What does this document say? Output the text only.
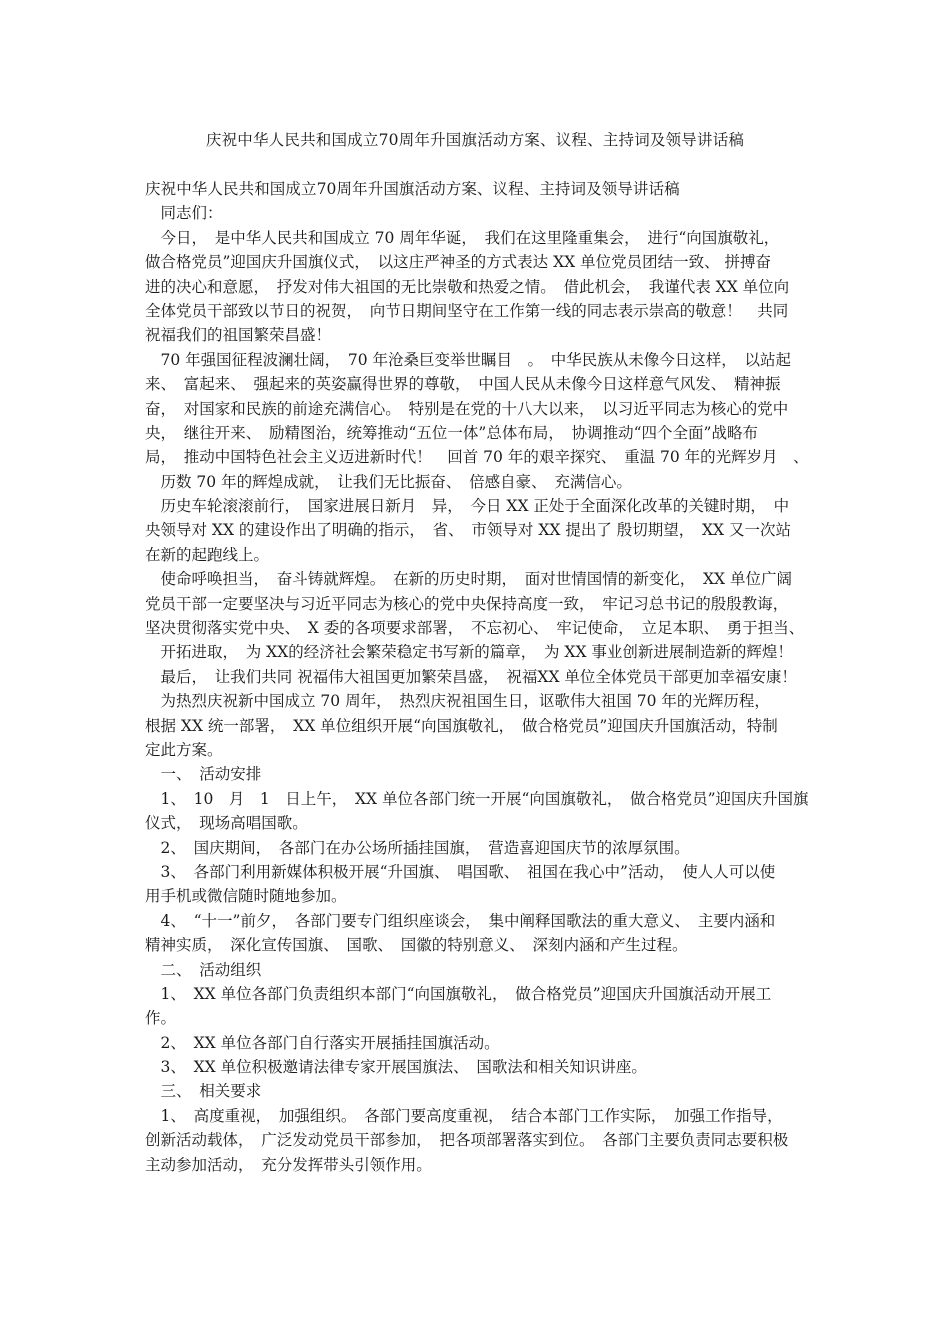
庆祝中华人民共和国成立70周年升国旗活动方案、议程、主持词及领导讲话稿
庆祝中华人民共和国成立70周年升国旗活动方案、议程、主持词及领导讲话稿
　同志们：
　今日，　是中华人民共和国成立 70 周年华诞，　我们在这里隆重集会，　进行“向国旗敬礼，
做合格党员”迎国庆升国旗仪式，　以这庄严神圣的方式表达 XX 单位党员团结一致、 拼搏奋
进的决心和意愿，　抒发对伟大祖国的无比崇敬和热爱之情。　借此机会，　我谨代表 XX 单位向
全体党员干部致以节日的祝贺，　向节日期间坚守在工作第一线的同志表示崇高的敬意！　共同
祝福我们的祖国繁荣昌盛！
　70 年强国征程波澜壮阔，　70 年沧桑巨变举世瞩目　。　中华民族从未像今日这样，　以站起
来、　富起来、　强起来的英姿赢得世界的尊敬，　中国人民从未像今日这样意气风发、　精神振
奋，　对国家和民族的前途充满信心。　特别是在党的十八大以来，　以习近平同志为核心的党中
央，　继往开来、　励精图治，统筹推动“五位一体”总体布局，　协调推动“四个全面”战略布
局，　推动中国特色社会主义迈进新时代！　回首 70 年的艰辛探究、　重温 70 年的光辉岁月　、
　历数 70 年的辉煌成就，　让我们无比振奋、　倍感自豪、　充满信心。
　历史车轮滚滚前行，　国家进展日新月　异，　今日 XX 正处于全面深化改革的关键时期，　中
央领导对 XX 的建设作出了明确的指示，　省、　市领导对 XX 提出了 殷切期望，　XX 又一次站
在新的起跑线上。
　使命呼唤担当，　奋斗铸就辉煌。　在新的历史时期，　面对世情国情的新变化，　XX 单位广阔
党员干部一定要坚决与习近平同志为核心的党中央保持高度一致，　牢记习总书记的殷殷教诲，
坚决贯彻落实党中央、　X 委的各项要求部署，　不忘初心、　牢记使命，　立足本职、　勇于担当、
　开拓进取，　为 XX的经济社会繁荣稳定书写新的篇章，　为 XX 事业创新进展制造新的辉煌！
　最后，　让我们共同 祝福伟大祖国更加繁荣昌盛，　祝福XX 单位全体党员干部更加幸福安康！
　为热烈庆祝新中国成立 70 周年，　热烈庆祝祖国生日，讴歌伟大祖国 70 年的光辉历程，
根据 XX 统一部署，　XX 单位组织开展“向国旗敬礼，　做合格党员”迎国庆升国旗活动，特制
定此方案。
　一、　活动安排
　1、　10　月　1　日上午，　XX 单位各部门统一开展“向国旗敬礼，　做合格党员”迎国庆升国旗
仪式，　现场高唱国歌。
　2、　国庆期间，　各部门在办公场所插挂国旗，　营造喜迎国庆节的浓厚氛围。
　3、　各部门利用新媒体积极开展“升国旗、　唱国歌、　祖国在我心中”活动，　使人人可以使
用手机或微信随时随地参加。
　4、　“十一”前夕，　各部门要专门组织座谈会，　集中阐释国歌法的重大意义、　主要内涵和
精神实质，　深化宣传国旗、　国歌、　国徽的特别意义、　深刻内涵和产生过程。
　二、　活动组织
　1、　XX 单位各部门负责组织本部门“向国旗敬礼，　做合格党员”迎国庆升国旗活动开展工
作。
　2、　XX 单位各部门自行落实开展插挂国旗活动。
　3、　XX 单位积极邀请法律专家开展国旗法、　国歌法和相关知识讲座。
　三、　相关要求
　1、　高度重视，　加强组织。　各部门要高度重视，　结合本部门工作实际，　加强工作指导，
创新活动载体，　广泛发动党员干部参加，　把各项部署落实到位。　各部门主要负责同志要积极
主动参加活动，　充分发挥带头引领作用。
